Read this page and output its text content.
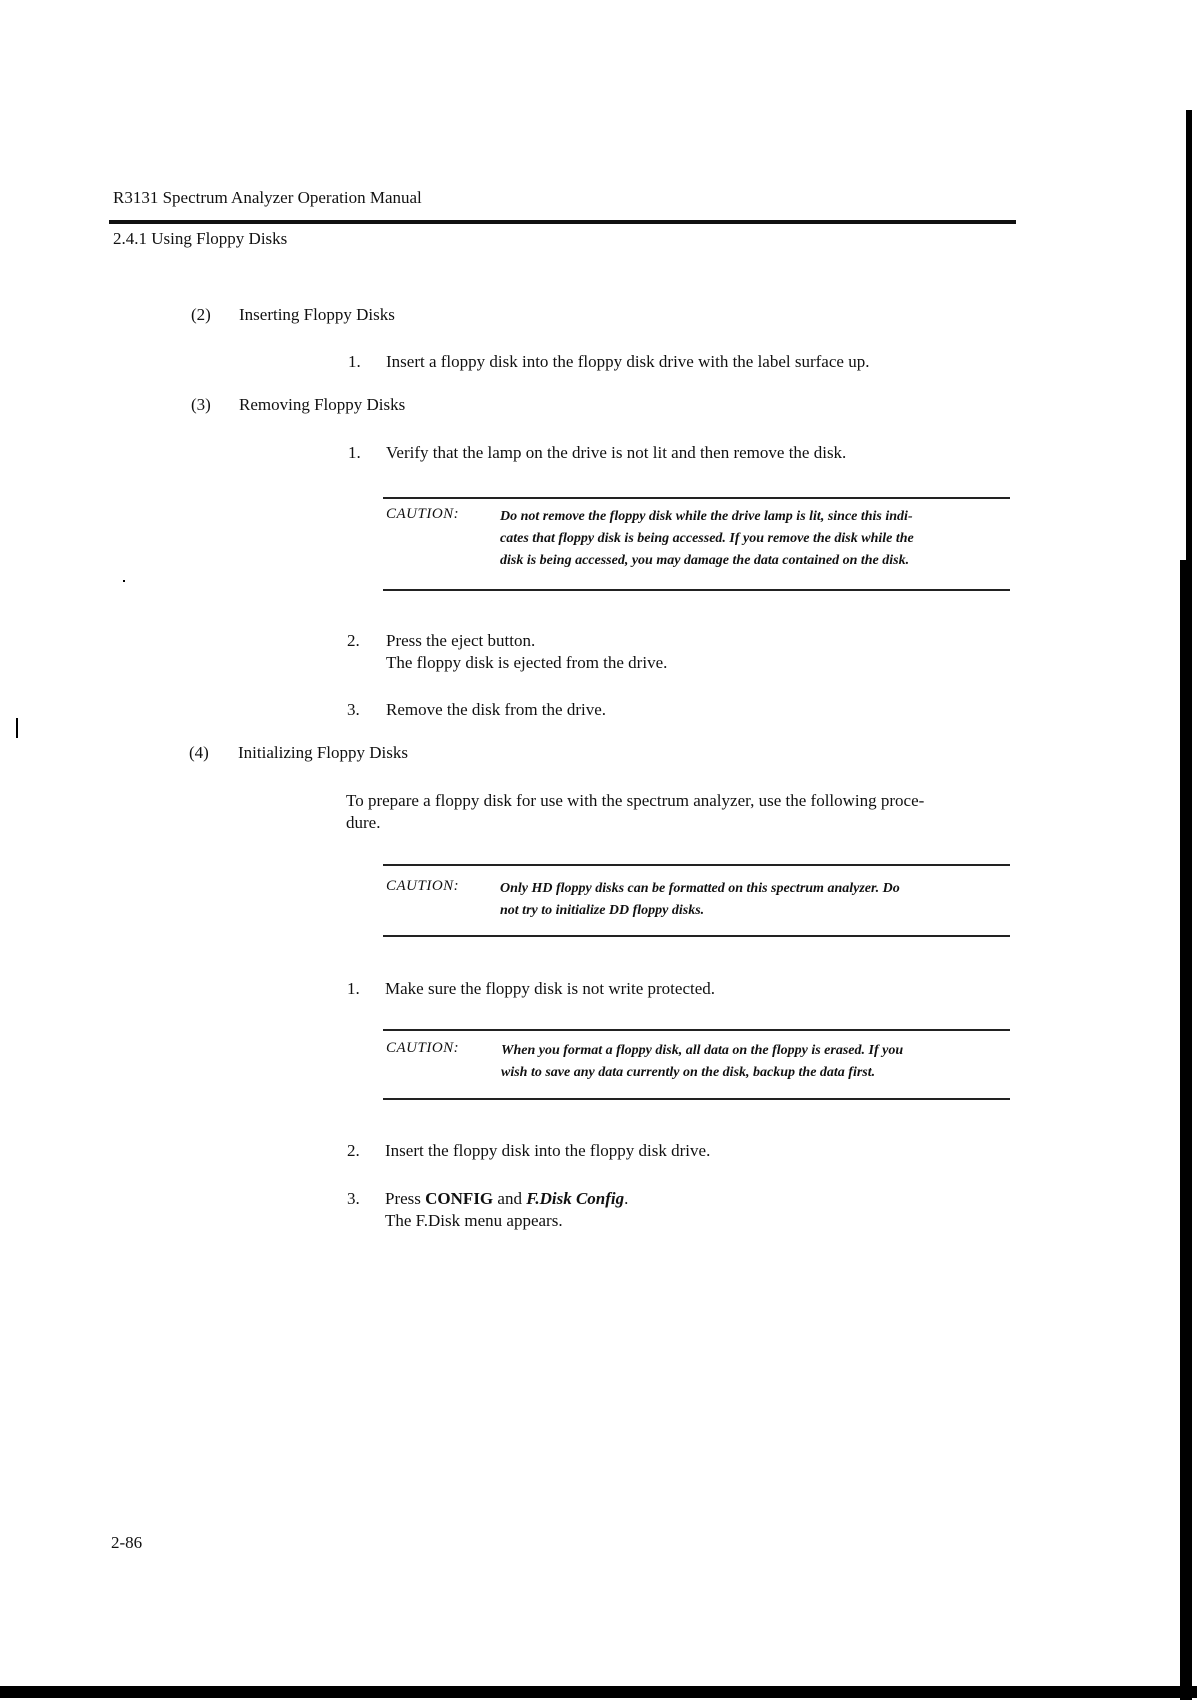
R3131 Spectrum Analyzer Operation Manual
2.4.1 Using Floppy Disks
(2) Inserting Floppy Disks
1. Insert a floppy disk into the floppy disk drive with the label surface up.
(3) Removing Floppy Disks
1. Verify that the lamp on the drive is not lit and then remove the disk.
CAUTION:	Do not remove the floppy disk while the drive lamp is lit, since this indi-
cates that floppy disk is being accessed. If you remove the disk while the
disk is being accessed, you may damage the data contained on the disk.
2. Press the eject button.
The floppy disk is ejected from the drive.
3. Remove the disk from the drive.
(4) Initializing Floppy Disks
To prepare a floppy disk for use with the spectrum analyzer, use the following proce-
dure.
CAUTION:	Only HD floppy disks can be formatted on this spectrum analyzer. Do
not try to initialize DD floppy disks.
1. Make sure the floppy disk is not write protected.
CAUTION:	When you format a floppy disk, all data on the floppy is erased. If you
wish to save any data currently on the disk, backup the data first.
2. Insert the floppy disk into the floppy disk drive.
3. Press CONFIG and F.Disk Config.
The F.Disk menu appears.
2-86
